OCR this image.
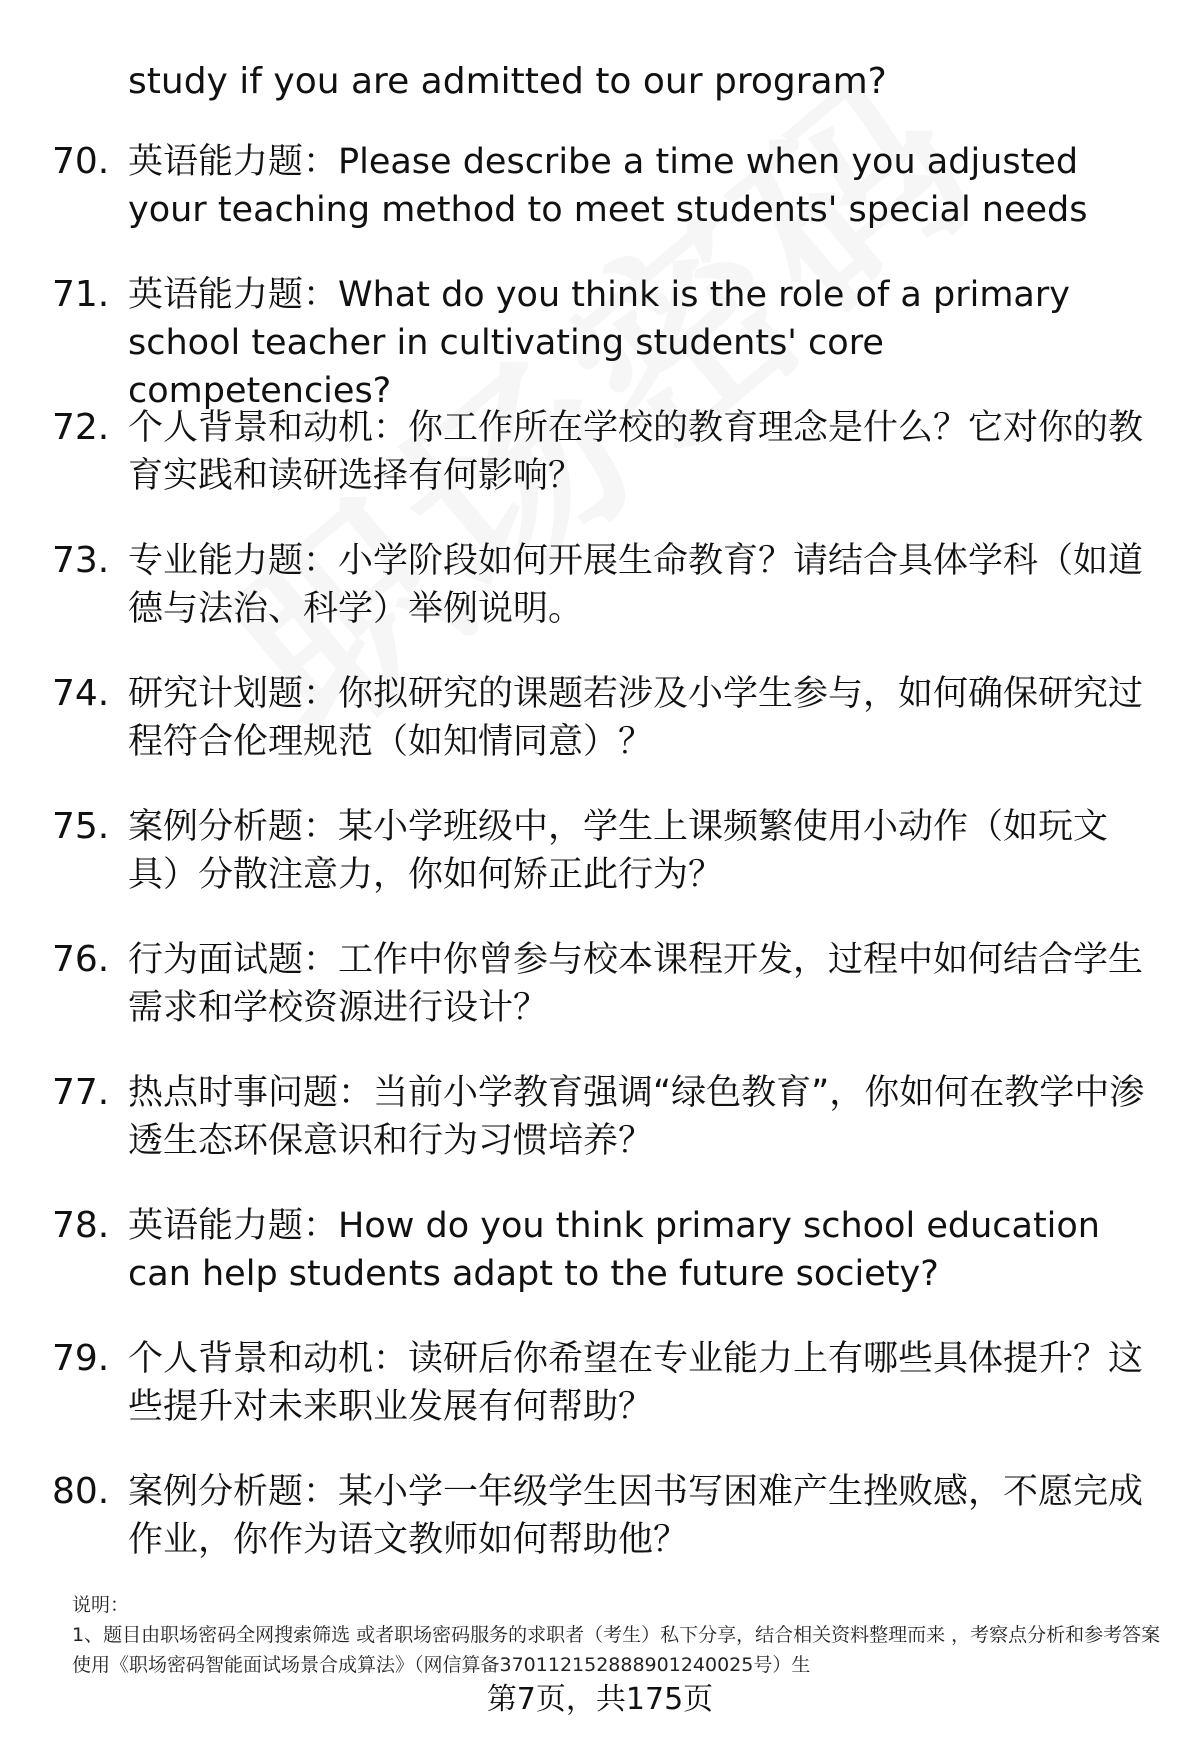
study if you are admitted to our program?

70. 英语能力题：Please describe a time when you adjusted your teaching method to meet students' special needs
71. 英语能力题：What do you think is the role of a primary school teacher in cultivating students' core competencies?
72. 个人背景和动机：你工作所在学校的教育理念是什么？它对你的教育实践和读研选择有何影响？
73. 专业能力题：小学阶段如何开展生命教育？请结合具体学科（如道德与法治、科学）举例说明。
74. 研究计划题：你拟研究的课题若涉及小学生参与，如何确保研究过程符合伦理规范（如知情同意）？
75. 案例分析题：某小学班级中，学生上课频繁使用小动作（如玩文具）分散注意力，你如何矫正此行为？
76. 行为面试题：工作中你曾参与校本课程开发，过程中如何结合学生需求和学校资源进行设计？
77. 热点时事问题：当前小学教育强调“绿色教育”，你如何在教学中渗透生态环保意识和行为习惯培养？
78. 英语能力题：How do you think primary school education can help students adapt to the future society?
79. 个人背景和动机：读研后你希望在专业能力上有哪些具体提升？这些提升对未来职业发展有何帮助？
80. 案例分析题：某小学一年级学生因书写困难产生挫败感，不愿完成作业，你作为语文教师如何帮助他？

说明：

1、题目由职场密码全网搜索筛选 或者职场密码服务的求职者（考生）私下分享，结合相关资料整理而来 ，考察点分析和参考答案使用《职场密码智能面试场景合成算法》（网信算备370112152888901240025号）生

第7页，共175页
